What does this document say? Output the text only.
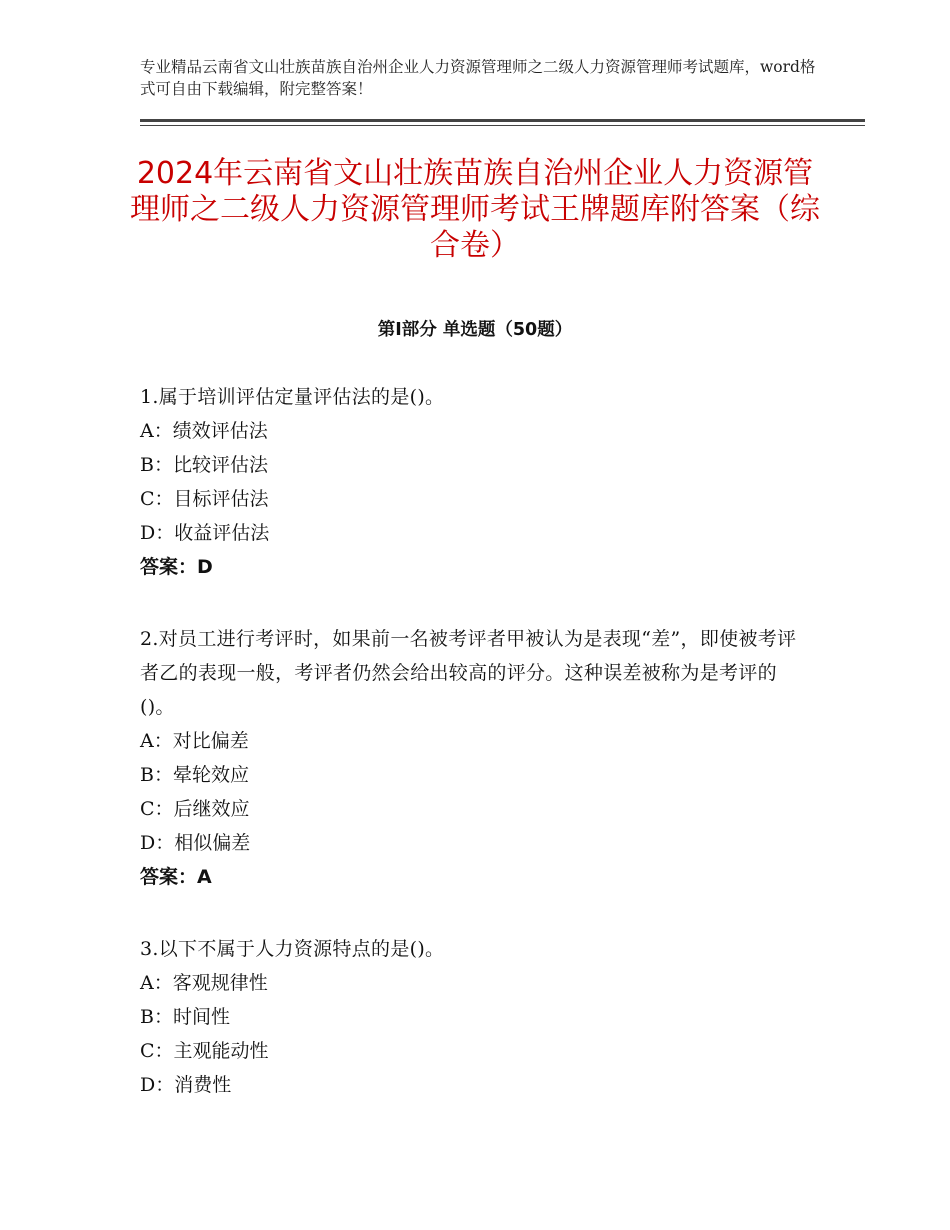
专业精品云南省文山壮族苗族自治州企业人力资源管理师之二级人力资源管理师考试题库，word格式可自由下载编辑，附完整答案！
2024年云南省文山壮族苗族自治州企业人力资源管理师之二级人力资源管理师考试王牌题库附答案（综合卷）
第Ⅰ部分 单选题（50题）
1.属于培训评估定量评估法的是()。
A：绩效评估法
B：比较评估法
C：目标评估法
D：收益评估法
答案：D
2.对员工进行考评时，如果前一名被考评者甲被认为是表现“差”，即使被考评者乙的表现一般，考评者仍然会给出较高的评分。这种误差被称为是考评的()。
A：对比偏差
B：晕轮效应
C：后继效应
D：相似偏差
答案：A
3.以下不属于人力资源特点的是()。
A：客观规律性
B：时间性
C：主观能动性
D：消费性
